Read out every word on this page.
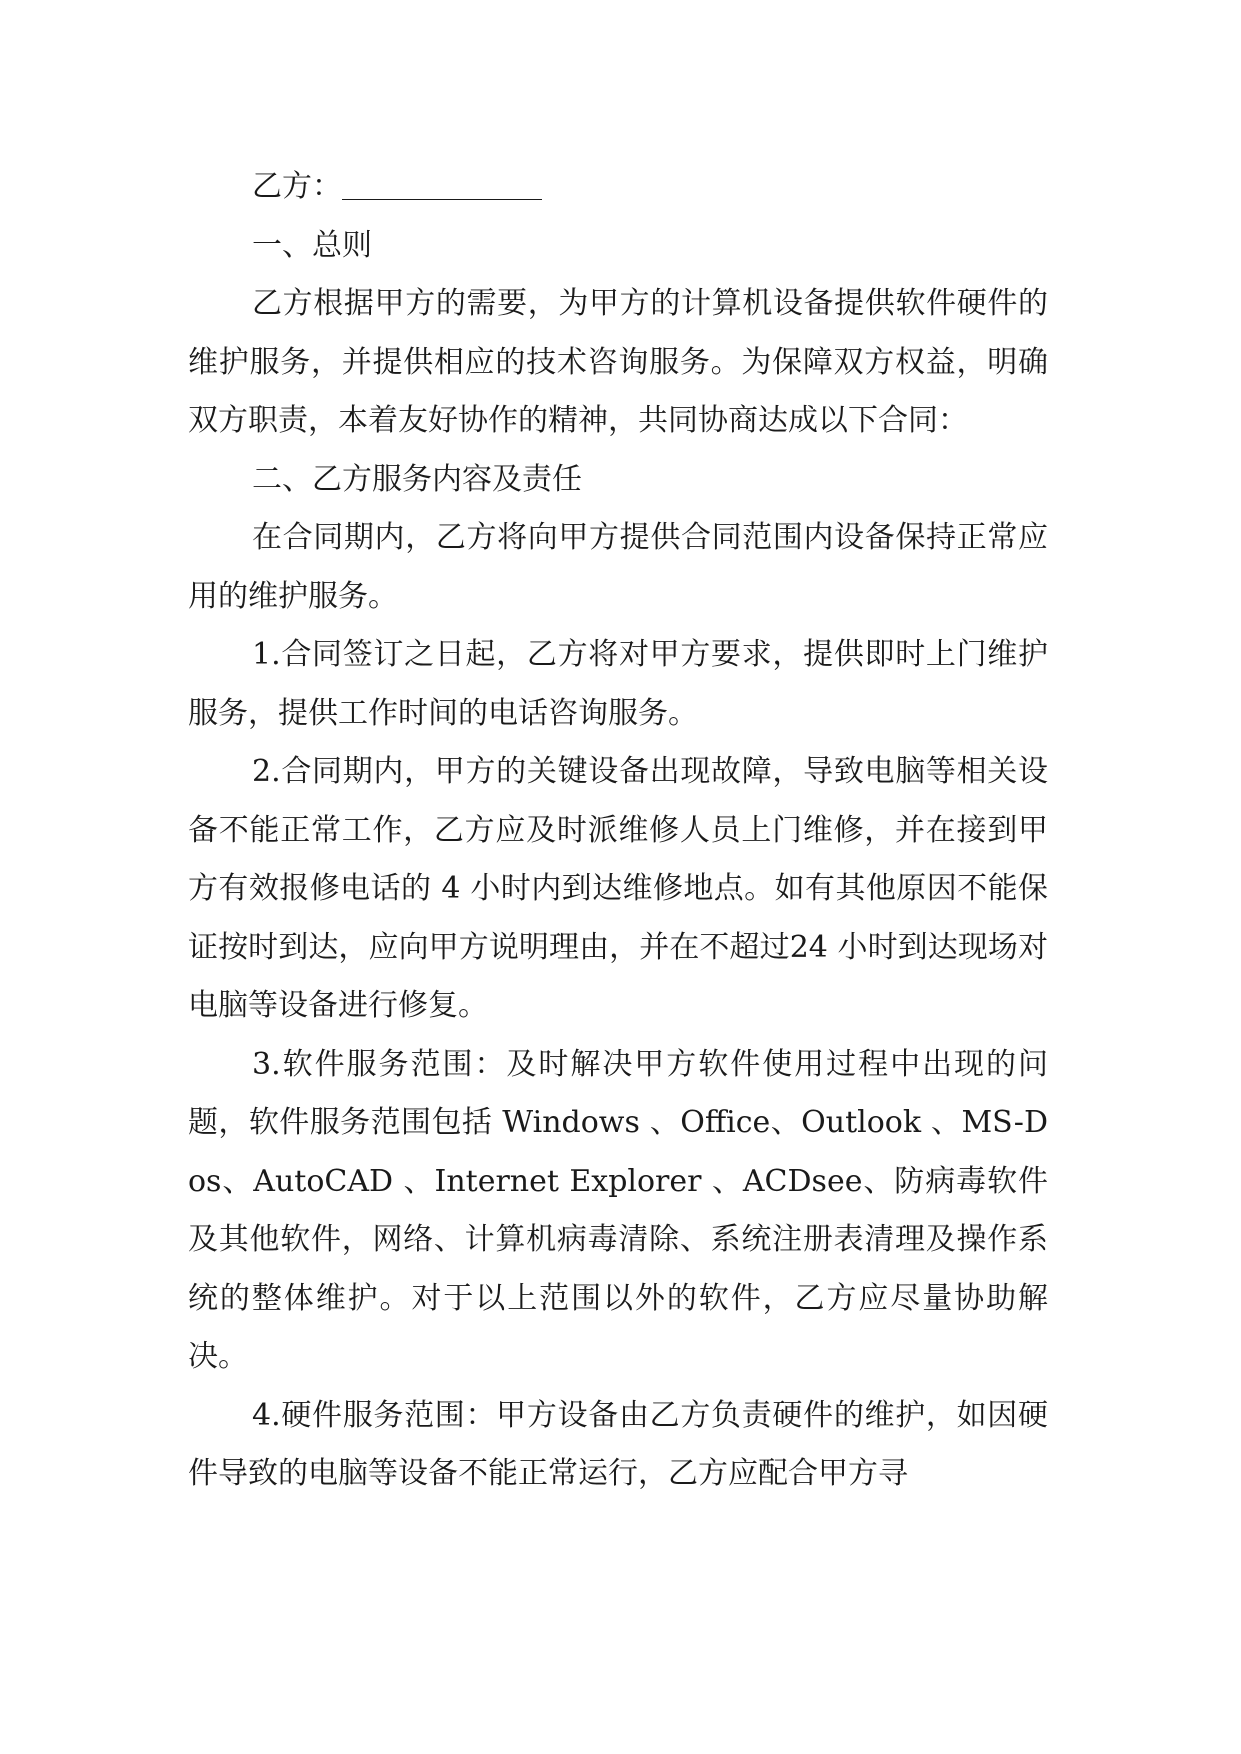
乙方：

一、总则

乙方根据甲方的需要，为甲方的计算机设备提供软件硬件的维护服务，并提供相应的技术咨询服务。为保障双方权益，明确双方职责，本着友好协作的精神，共同协商达成以下合同：

二、乙方服务内容及责任

在合同期内，乙方将向甲方提供合同范围内设备保持正常应用的维护服务。

1.合同签订之日起，乙方将对甲方要求，提供即时上门维护服务，提供工作时间的电话咨询服务。

2.合同期内，甲方的关键设备出现故障，导致电脑等相关设备不能正常工作，乙方应及时派维修人员上门维修，并在接到甲方有效报修电话的 4 小时内到达维修地点。如有其他原因不能保证按时到达，应向甲方说明理由，并在不超过24 小时到达现场对电脑等设备进行修复。

3.软件服务范围：及时解决甲方软件使用过程中出现的问题，软件服务范围包括 Windows 、Office、Outlook 、MS-Dos、AutoCAD 、Internet Explorer 、ACDsee、防病毒软件及其他软件，网络、计算机病毒清除、系统注册表清理及操作系统的整体维护。对于以上范围以外的软件，乙方应尽量协助解决。

4.硬件服务范围：甲方设备由乙方负责硬件的维护，如因硬件导致的电脑等设备不能正常运行，乙方应配合甲方寻
